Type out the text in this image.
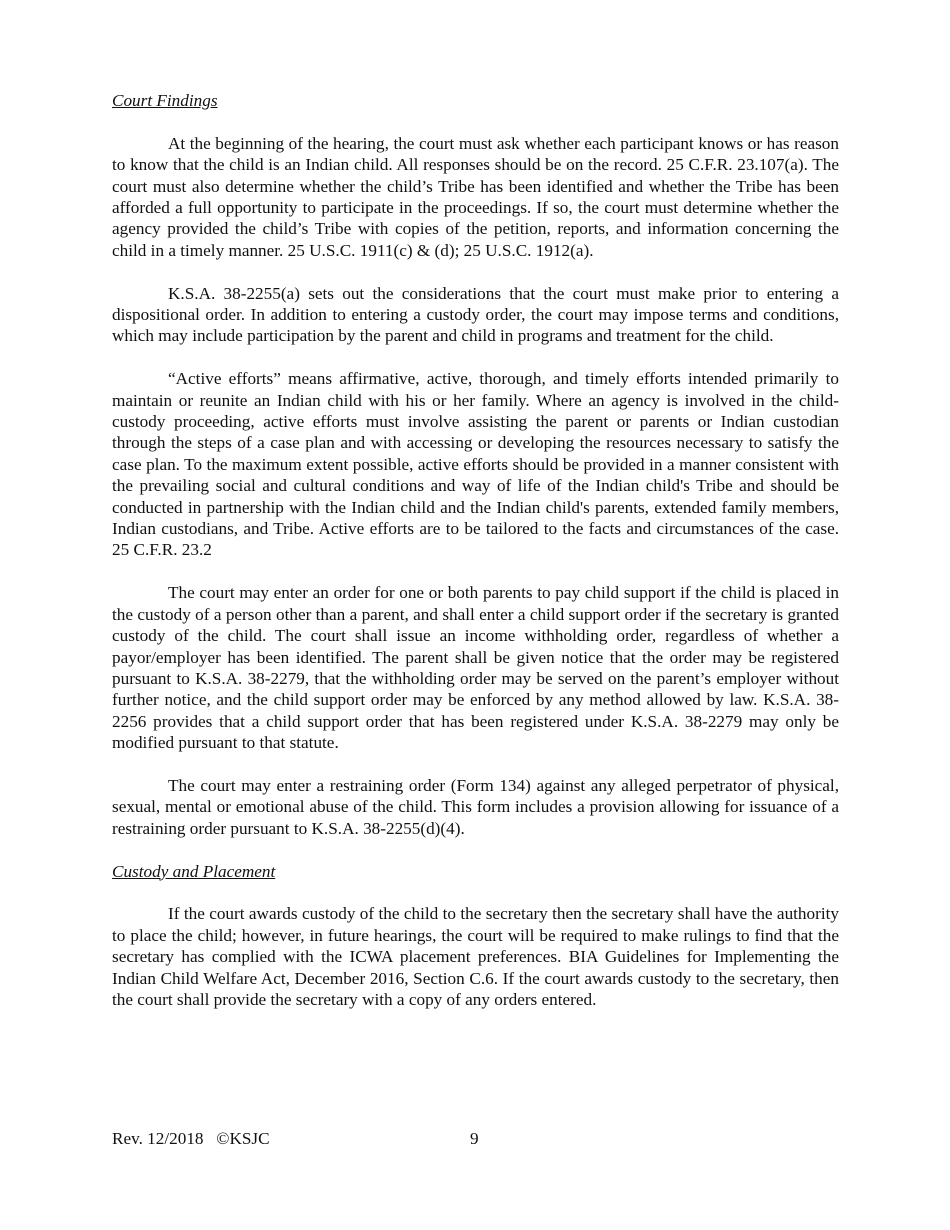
Court Findings

At the beginning of the hearing, the court must ask whether each participant knows or has reason to know that the child is an Indian child. All responses should be on the record. 25 C.F.R. 23.107(a). The court must also determine whether the child’s Tribe has been identified and whether the Tribe has been afforded a full opportunity to participate in the proceedings. If so, the court must determine whether the agency provided the child’s Tribe with copies of the petition, reports, and information concerning the child in a timely manner. 25 U.S.C. 1911(c) & (d); 25 U.S.C. 1912(a).

K.S.A. 38-2255(a) sets out the considerations that the court must make prior to entering a dispositional order. In addition to entering a custody order, the court may impose terms and conditions, which may include participation by the parent and child in programs and treatment for the child.

“Active efforts” means affirmative, active, thorough, and timely efforts intended primarily to maintain or reunite an Indian child with his or her family. Where an agency is involved in the child-custody proceeding, active efforts must involve assisting the parent or parents or Indian custodian through the steps of a case plan and with accessing or developing the resources necessary to satisfy the case plan. To the maximum extent possible, active efforts should be provided in a manner consistent with the prevailing social and cultural conditions and way of life of the Indian child's Tribe and should be conducted in partnership with the Indian child and the Indian child's parents, extended family members, Indian custodians, and Tribe. Active efforts are to be tailored to the facts and circumstances of the case. 25 C.F.R. 23.2

The court may enter an order for one or both parents to pay child support if the child is placed in the custody of a person other than a parent, and shall enter a child support order if the secretary is granted custody of the child. The court shall issue an income withholding order, regardless of whether a payor/employer has been identified. The parent shall be given notice that the order may be registered pursuant to K.S.A. 38-2279, that the withholding order may be served on the parent’s employer without further notice, and the child support order may be enforced by any method allowed by law. K.S.A. 38-2256 provides that a child support order that has been registered under K.S.A. 38-2279 may only be modified pursuant to that statute.

The court may enter a restraining order (Form 134) against any alleged perpetrator of physical, sexual, mental or emotional abuse of the child. This form includes a provision allowing for issuance of a restraining order pursuant to K.S.A. 38-2255(d)(4).

Custody and Placement

If the court awards custody of the child to the secretary then the secretary shall have the authority to place the child; however, in future hearings, the court will be required to make rulings to find that the secretary has complied with the ICWA placement preferences. BIA Guidelines for Implementing the Indian Child Welfare Act, December 2016, Section C.6. If the court awards custody to the secretary, then the court shall provide the secretary with a copy of any orders entered.

Rev. 12/2018   ©KSJC	9
